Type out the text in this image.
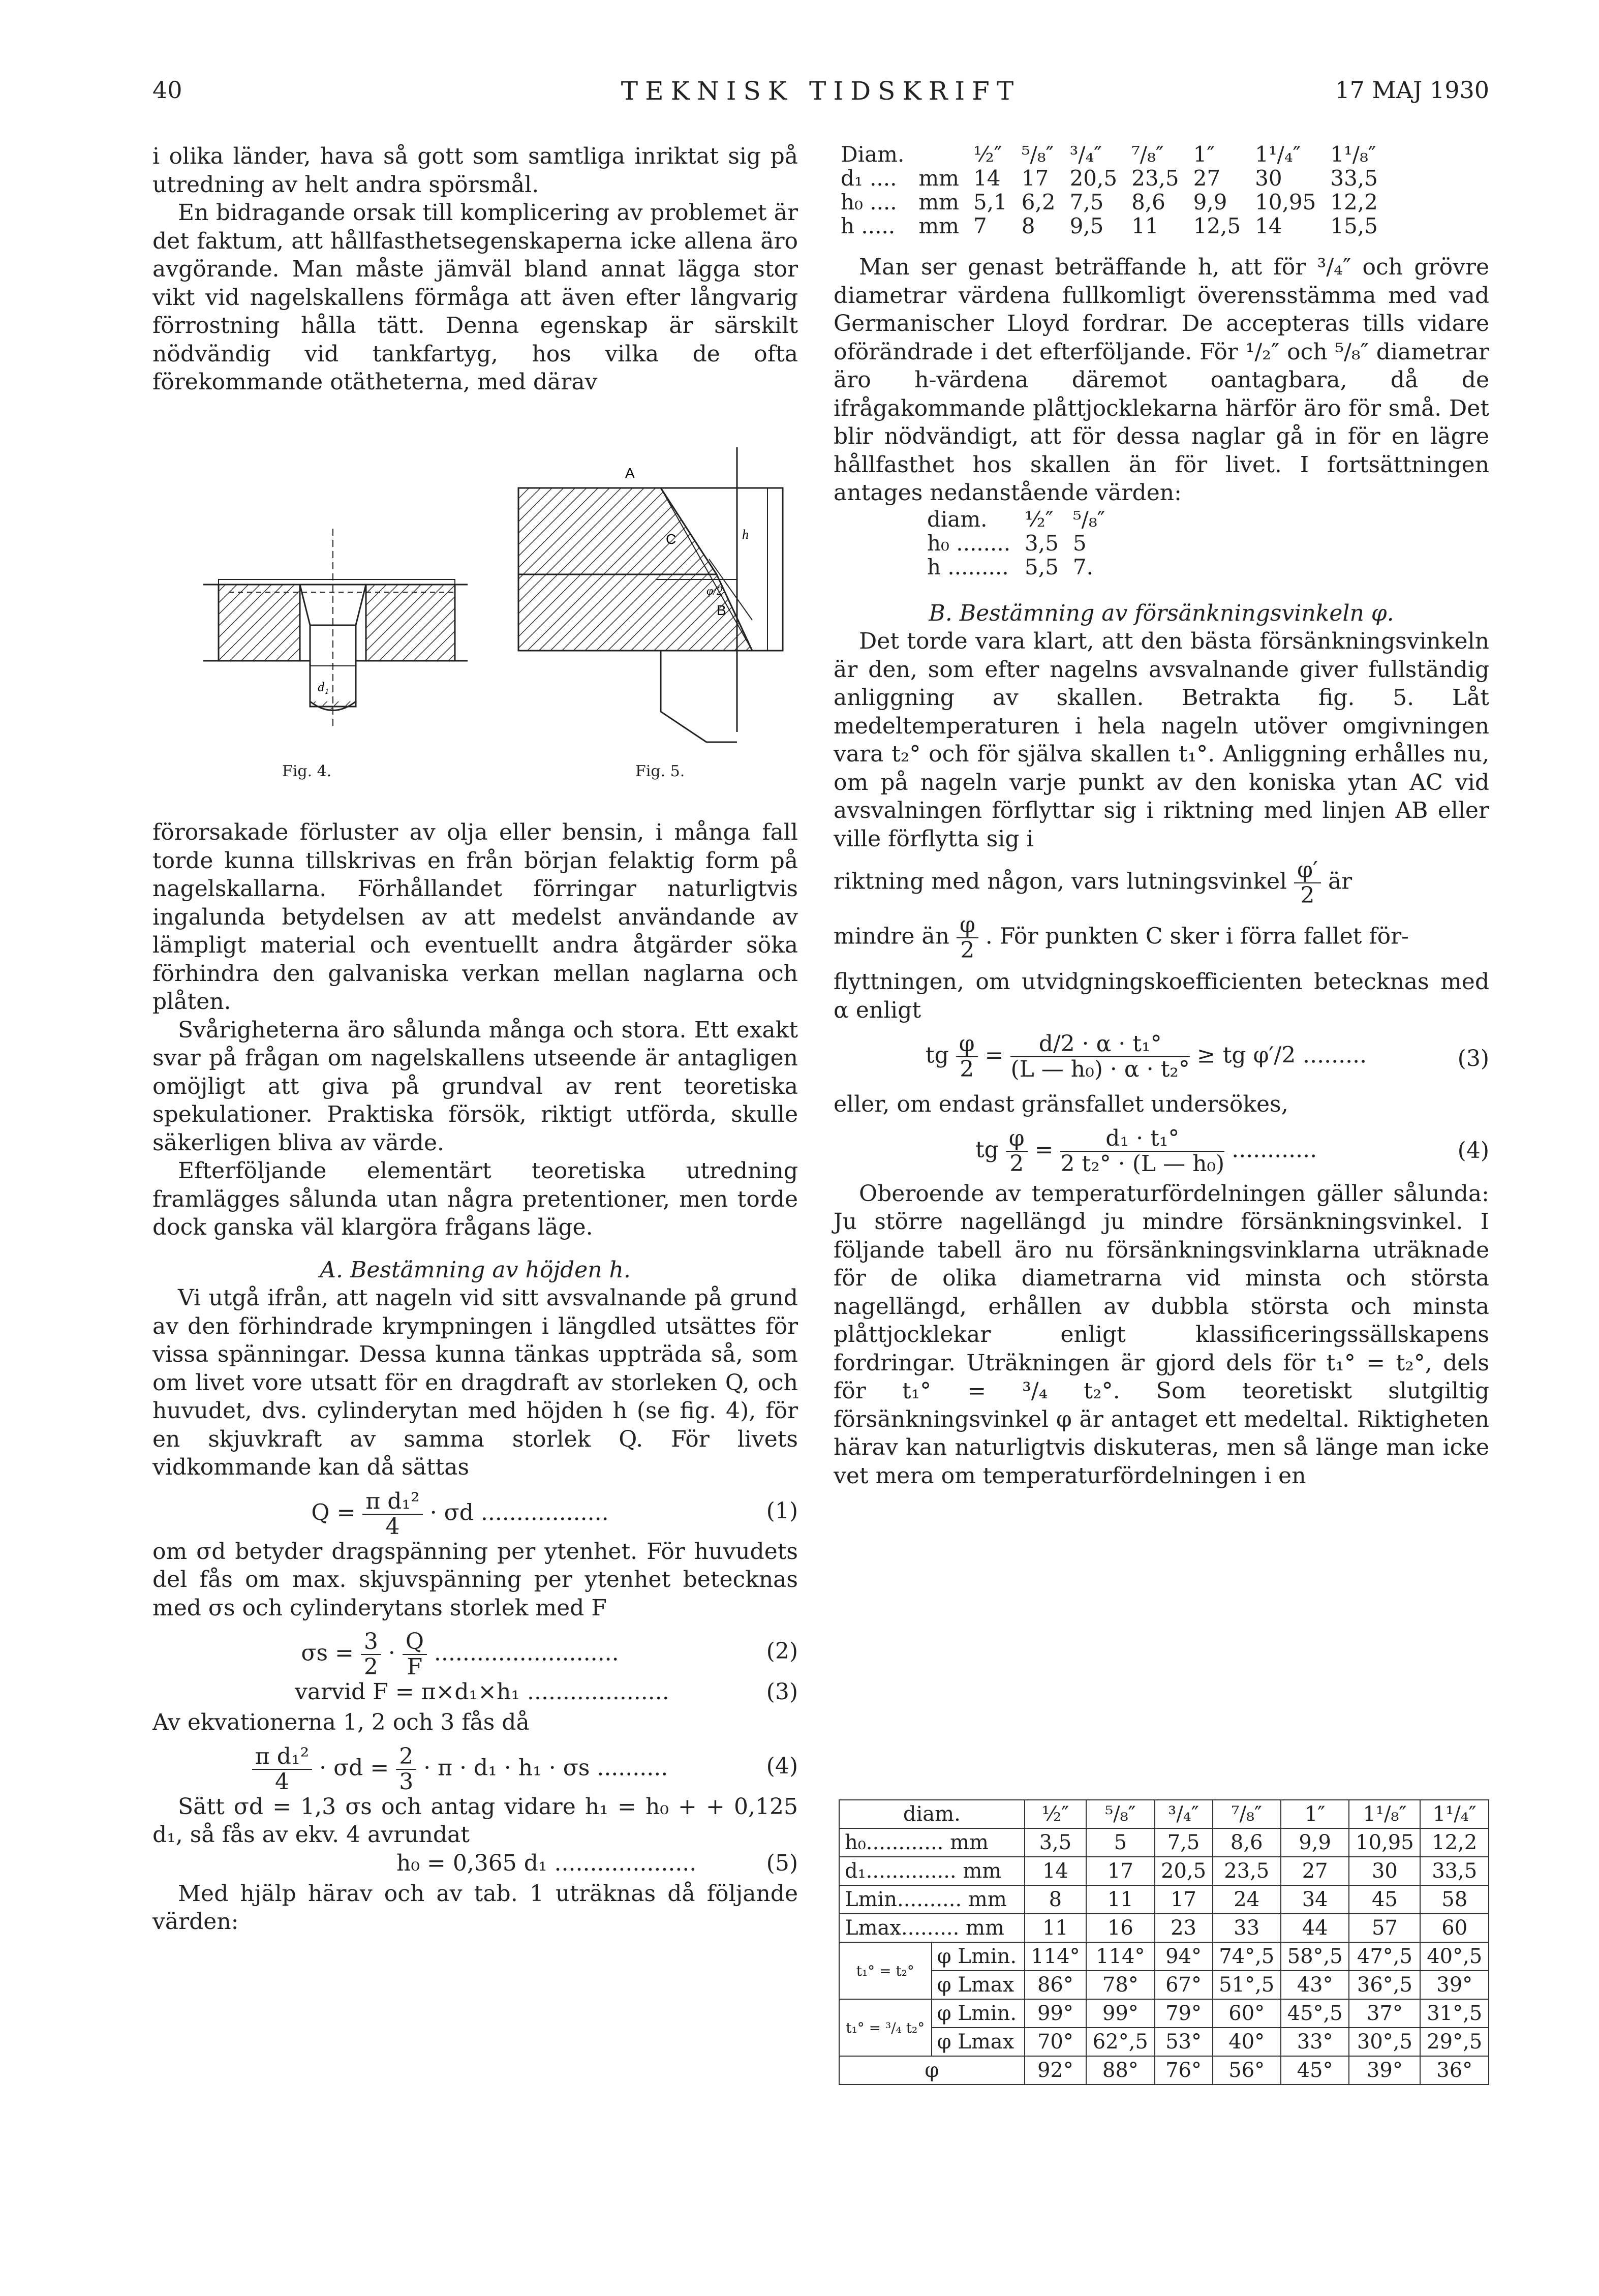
40	TEKNISK TIDSKRIFT	17 MAJ 1930

i olika länder, hava så gott som samtliga inriktat sig på utredning av helt andra spörsmål.

En bidragande orsak till komplicering av problemet är det faktum, att hållfasthetsegenskaperna icke allena äro avgörande. Man måste jämväl bland annat lägga stor vikt vid nagelskallens förmåga att även efter långvarig förrostning hålla tätt. Denna egenskap är särskilt nödvändig vid tankfartyg, hos vilka de ofta förekommande otätheterna, med därav

A
B
C
d₁
h
φ/2
Fig. 4.	Fig. 5.

förorsakade förluster av olja eller bensin, i många fall torde kunna tillskrivas en från början felaktig form på nagelskallarna. Förhållandet förringar naturligtvis ingalunda betydelsen av att medelst användande av lämpligt material och eventuellt andra åtgärder söka förhindra den galvaniska verkan mellan naglarna och plåten.

Svårigheterna äro sålunda många och stora. Ett exakt svar på frågan om nagelskallens utseende är antagligen omöjligt att giva på grundval av rent teoretiska spekulationer. Praktiska försök, riktigt utförda, skulle säkerligen bliva av värde.

Efterföljande elementärt teoretiska utredning framlägges sålunda utan några pretentioner, men torde dock ganska väl klargöra frågans läge.

A. Bestämning av höjden h.

Vi utgå ifrån, att nageln vid sitt avsvalnande på grund av den förhindrade krympningen i längdled utsättes för vissa spänningar. Dessa kunna tänkas uppträda så, som om livet vore utsatt för en dragdraft av storleken Q, och huvudet, dvs. cylinderytan med höjden h (se fig. 4), för en skjuvkraft av samma storlek Q. För livets vidkommande kan då sättas

$Q = \frac{\text{π d₁²}}{4} \cdot \sigma d$ ..................	(1)

om σd betyder dragspänning per ytenhet. För huvudets del fås om max. skjuvspänning per ytenhet betecknas med σs och cylinderytans storlek med F

$\sigma s = \frac{3}{2} \cdot \frac{Q}{F}$ ..........................	(2)
varvid F = π×d₁×h₁ ....................	(3)

Av ekvationerna 1, 2 och 3 fås då

$\frac{\text{π d₁²}}{4} \cdot \sigma d = \frac{2}{3} \cdot \pi \cdot d_1 \cdot h_1 \cdot \sigma s$ ..........	(4)

Sätt σd = 1,3 σs och antag vidare h₁ = h₀ + + 0,125 d₁, så fås av ekv. 4 avrundat

h₀ = 0,365 d₁ ....................	(5)

Med hjälp härav och av tab. 1 uträknas då följande värden:

Diam.		½″	⁵/₈″	³/₄″	⁷/₈″	1″	1¹/₄″	1¹/₈″
d₁ ....	mm	14	17	20,5	23,5	27	30	33,5
h₀ ....	mm	5,1	6,2	7,5	8,6	9,9	10,95	12,2
h .....	mm	7	8	9,5	11	12,5	14	15,5

Man ser genast beträffande h, att för ³/₄″ och grövre diametrar värdena fullkomligt överensstämma med vad Germanischer Lloyd fordrar. De accepteras tills vidare oförändrade i det efterföljande. För ¹/₂″ och ⁵/₈″ diametrar äro h-värdena däremot oantagbara, då de ifrågakommande plåttjocklekarna härför äro för små. Det blir nödvändigt, att för dessa naglar gå in för en lägre hållfasthet hos skallen än för livet. I fortsättningen antages nedanstående värden:

diam.	½″	⁵/₈″
h₀ ........	3,5	5
h .........	5,5	7.

B. Bestämning av försänkningsvinkeln φ.

Det torde vara klart, att den bästa försänkningsvinkeln är den, som efter nagelns avsvalnande giver fullständig anliggning av skallen. Betrakta fig. 5. Låt medeltemperaturen i hela nageln utöver omgivningen vara t₂° och för själva skallen t₁°. Anliggning erhålles nu, om på nageln varje punkt av den koniska ytan AC vid avsvalningen förflyttar sig i riktning med linjen AB eller ville förflytta sig i

riktning med någon, vars lutningsvinkel $\frac{\varphi'}{2}$ är

mindre än $\frac{\varphi}{2}$ . För punkten C sker i förra fallet för-

flyttningen, om utvidgningskoefficienten betecknas med α enligt

tg $\frac{\varphi}{2} = \frac{\text{d/2 · α · t₁°}}{\text{(L — h₀) · α · t₂°}}$ ≥ tg φ′/2 .........	(3)

eller, om endast gränsfallet undersökes,

tg $\frac{\varphi}{2} = \frac{\text{d₁ · t₁°}}{\text{2 t₂° · (L — h₀)}}$ ............	(4)

Oberoende av temperaturfördelningen gäller sålunda: Ju större nagellängd ju mindre försänkningsvinkel. I följande tabell äro nu försänkningsvinklarna uträknade för de olika diametrarna vid minsta och största nagellängd, erhållen av dubbla största och minsta plåttjocklekar enligt klassificeringssällskapens fordringar. Uträkningen är gjord dels för t₁° = t₂°, dels för t₁° = ³/₄ t₂°. Som teoretiskt slutgiltig försänkningsvinkel φ är antaget ett medeltal. Riktigheten härav kan naturligtvis diskuteras, men så länge man icke vet mera om temperaturfördelningen i en

diam.		½″	⁵/₈″	³/₄″	⁷/₈″	1″	1¹/₈″	1¹/₄″
h₀............ mm		3,5	5	7,5	8,6	9,9	10,95	12,2
d₁.............. mm		14	17	20,5	23,5	27	30	33,5
Lmin.......... mm		8	11	17	24	34	45	58
Lmax......... mm		11	16	23	33	44	57	60
t₁° = t₂°	φ Lmin.	114°	114°	94°	74°,5	58°,5	47°,5	40°,5
	φ Lmax	86°	78°	67°	51°,5	43°	36°,5	39°
t₁° = ³/₄ t₂°	φ Lmin.	99°	99°	79°	60°	45°,5	37°	31°,5
	φ Lmax	70°	62°,5	53°	40°	33°	30°,5	29°,5
φ		92°	88°	76°	56°	45°	39°	36°
